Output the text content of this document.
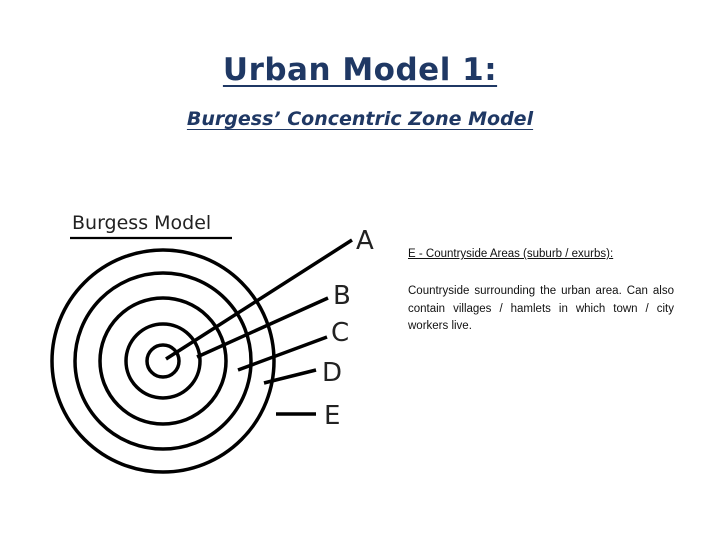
Urban Model 1:
Burgess’ Concentric Zone Model
Burgess Model
A
B
C
D
E

E - Countryside Areas (suburb / exurbs):

Countryside surrounding the urban area. Can also contain villages / hamlets in which town / city workers live.
